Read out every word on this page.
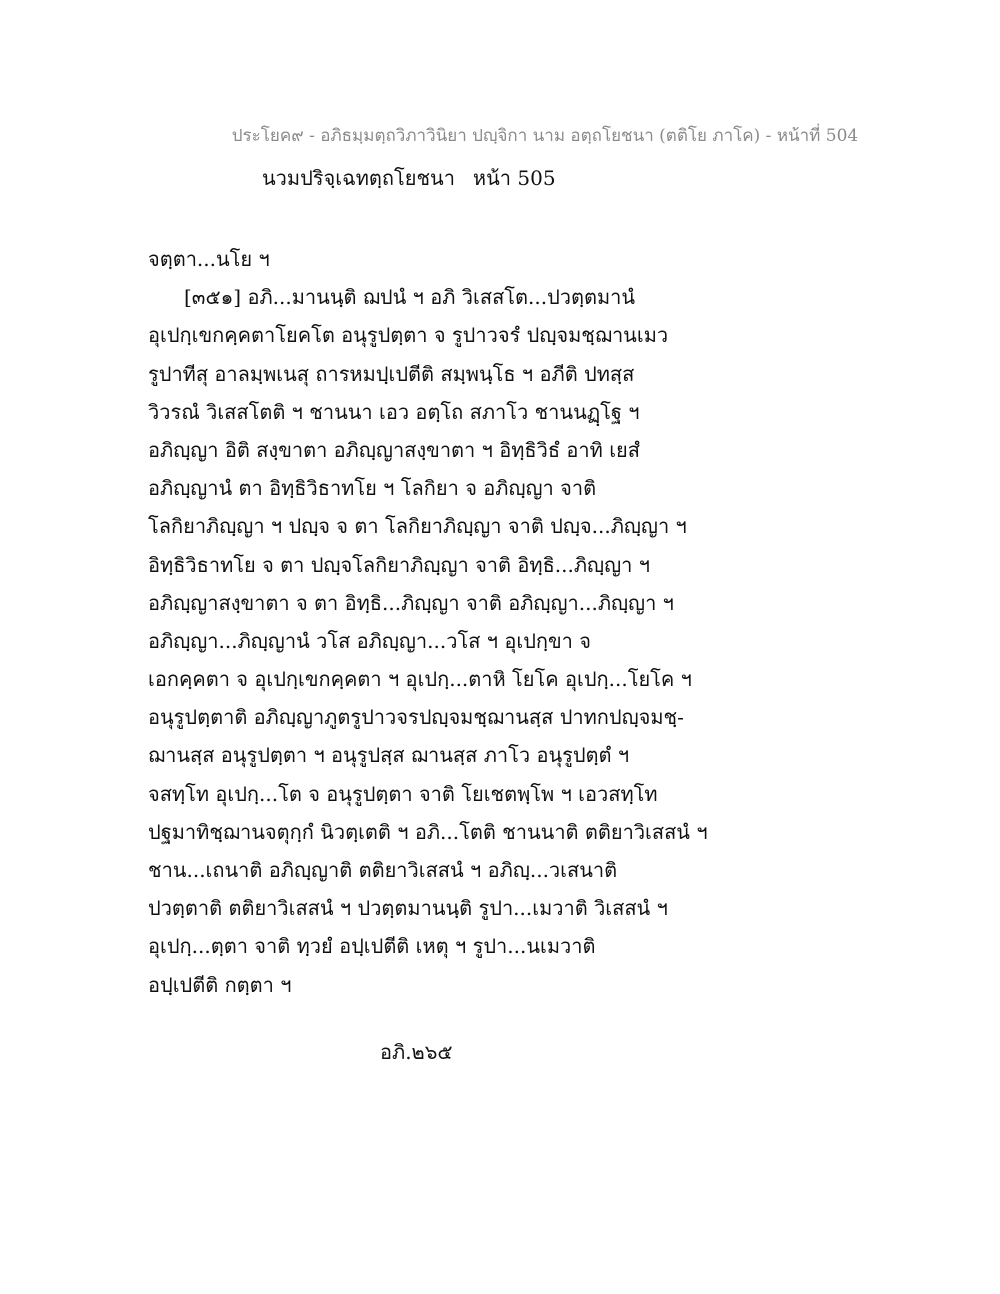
ประโยค๙ - อภิธมฺมตฺถวิภาวินิยา ปญฺจิกา นาม อตฺถโยชนา (ตติโย ภาโค) - หน้าที่ 504
นวมปริจฺเฉทตฺถโยชนา หน้า 505
จตฺตา...นโย ฯ
[๓๕๑] อภิ...มานนฺติ ฌปนํ ฯ อภิ วิเสสโต...ปวตฺตมานํ
อุเปกฺเขกคฺคตาโยคโต อนุรูปตฺตา จ รูปาวจรํ ปญฺจมชฺฌานเมว
รูปาทีสุ อาลมฺพเนสุ ถารหมปฺเปตีติ สมฺพนฺโธ ฯ อภีติ ปทสฺส
วิวรณํ วิเสสโตติ ฯ ชานนา เอว อตฺโถ สภาโว ชานนฏฺโฐ ฯ
อภิญฺญา อิติ สงฺขาตา อภิญฺญาสงฺขาตา ฯ อิทฺธิวิธํ อาทิ เยสํ
อภิญฺญานํ ตา อิทฺธิวิธาทโย ฯ โลกิยา จ อภิญฺญา จาติ
โลกิยาภิญฺญา ฯ ปญฺจ จ ตา โลกิยาภิญฺญา จาติ ปญฺจ...ภิญฺญา ฯ
อิทฺธิวิธาทโย จ ตา ปญฺจโลกิยาภิญฺญา จาติ อิทฺธิ...ภิญฺญา ฯ
อภิญฺญาสงฺขาตา จ ตา อิทฺธิ...ภิญฺญา จาติ อภิญฺญา...ภิญฺญา ฯ
อภิญฺญา...ภิญฺญานํ วโส อภิญฺญา...วโส ฯ อุเปกฺขา จ
เอกคฺคตา จ อุเปกฺเขกคฺคตา ฯ อุเปกฺ...ตาหิ โยโค อุเปกฺ...โยโค ฯ
อนุรูปตฺตาติ อภิญฺญาภูตรูปาวจรปญฺจมชฺฌานสฺส ปาทกปญฺจมชฺ-
ฌานสฺส อนุรูปตฺตา ฯ อนุรูปสฺส ฌานสฺส ภาโว อนุรูปตฺตํ ฯ
จสทฺโท อุเปกฺ...โต จ อนุรูปตฺตา จาติ โยเชตพฺโพ ฯ เอวสทฺโท
ปฐมาทิชฺฌานจตุกฺกํ นิวตฺเตติ ฯ อภิ...โตติ ชานนาติ ตติยาวิเสสนํ ฯ
ชาน...เถนาติ อภิญฺญาติ ตติยาวิเสสนํ ฯ อภิญฺ...วเสนาติ
ปวตฺตาติ ตติยาวิเสสนํ ฯ ปวตฺตมานนฺติ รูปา...เมวาติ วิเสสนํ ฯ
อุเปกฺ...ตฺตา จาติ ทฺวยํ อปฺเปตีติ เหตุ ฯ รูปา...นเมวาติ
อปฺเปตีติ กตฺตา ฯ
อภิ.๒๖๕
